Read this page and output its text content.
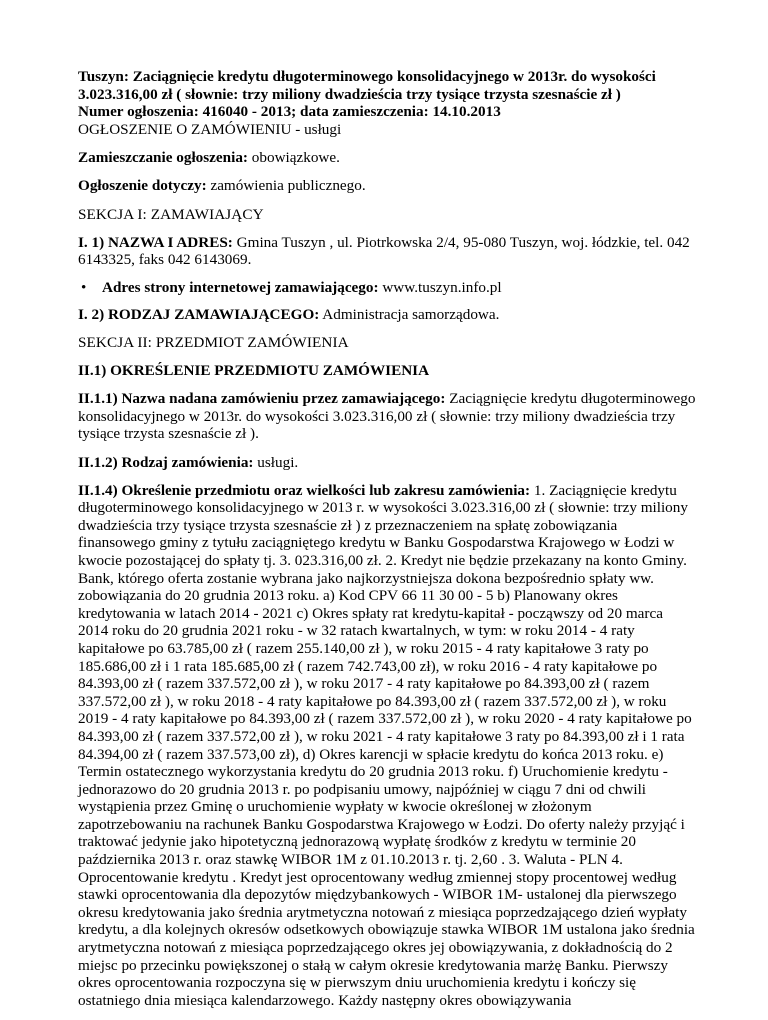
Tuszyn: Zaciągnięcie kredytu długoterminowego konsolidacyjnego w 2013r. do wysokości
3.023.316,00 zł ( słownie: trzy miliony dwadzieścia trzy tysiące trzysta szesnaście zł )
Numer ogłoszenia: 416040 - 2013; data zamieszczenia: 14.10.2013
OGŁOSZENIE O ZAMÓWIENIU - usługi

Zamieszczanie ogłoszenia: obowiązkowe.

Ogłoszenie dotyczy: zamówienia publicznego.

SEKCJA I: ZAMAWIAJĄCY

I. 1) NAZWA I ADRES: Gmina Tuszyn , ul. Piotrkowska 2/4, 95-080 Tuszyn, woj. łódzkie, tel. 042 6143325, faks 042 6143069.

• Adres strony internetowej zamawiającego: www.tuszyn.info.pl

I. 2) RODZAJ ZAMAWIAJĄCEGO: Administracja samorządowa.

SEKCJA II: PRZEDMIOT ZAMÓWIENIA

II.1) OKREŚLENIE PRZEDMIOTU ZAMÓWIENIA

II.1.1) Nazwa nadana zamówieniu przez zamawiającego: Zaciągnięcie kredytu długoterminowego konsolidacyjnego w 2013r. do wysokości 3.023.316,00 zł ( słownie: trzy miliony dwadzieścia trzy tysiące trzysta szesnaście zł ).

II.1.2) Rodzaj zamówienia: usługi.

II.1.4) Określenie przedmiotu oraz wielkości lub zakresu zamówienia: 1. Zaciągnięcie kredytu długoterminowego konsolidacyjnego w 2013 r. w wysokości 3.023.316,00 zł ( słownie: trzy miliony dwadzieścia trzy tysiące trzysta szesnaście zł ) z przeznaczeniem na spłatę zobowiązania finansowego gminy z tytułu zaciągniętego kredytu w Banku Gospodarstwa Krajowego w Łodzi w kwocie pozostającej do spłaty tj. 3. 023.316,00 zł. 2. Kredyt nie będzie przekazany na konto Gminy. Bank, którego oferta zostanie wybrana jako najkorzystniejsza dokona bezpośrednio spłaty ww. zobowiązania do 20 grudnia 2013 roku. a) Kod CPV 66 11 30 00 - 5 b) Planowany okres kredytowania w latach 2014 - 2021 c) Okres spłaty rat kredytu-kapitał - począwszy od 20 marca 2014 roku do 20 grudnia 2021 roku - w 32 ratach kwartalnych, w tym: w roku 2014 - 4 raty kapitałowe po 63.785,00 zł ( razem 255.140,00 zł ), w roku 2015 - 4 raty kapitałowe 3 raty po 185.686,00 zł i 1 rata 185.685,00 zł ( razem 742.743,00 zł), w roku 2016 - 4 raty kapitałowe po 84.393,00 zł ( razem 337.572,00 zł ), w roku 2017 - 4 raty kapitałowe po 84.393,00 zł ( razem 337.572,00 zł ), w roku 2018 - 4 raty kapitałowe po 84.393,00 zł ( razem 337.572,00 zł ), w roku 2019 - 4 raty kapitałowe po 84.393,00 zł ( razem 337.572,00 zł ), w roku 2020 - 4 raty kapitałowe po 84.393,00 zł ( razem 337.572,00 zł ), w roku 2021 - 4 raty kapitałowe 3 raty po 84.393,00 zł i 1 rata 84.394,00 zł ( razem 337.573,00 zł), d) Okres karencji w spłacie kredytu do końca 2013 roku. e) Termin ostatecznego wykorzystania kredytu do 20 grudnia 2013 roku. f) Uruchomienie kredytu - jednorazowo do 20 grudnia 2013 r. po podpisaniu umowy, najpóźniej w ciągu 7 dni od chwili wystąpienia przez Gminę o uruchomienie wypłaty w kwocie określonej w złożonym zapotrzebowaniu na rachunek Banku Gospodarstwa Krajowego w Łodzi. Do oferty należy przyjąć i traktować jedynie jako hipotetyczną jednorazową wypłatę środków z kredytu w terminie 20 października 2013 r. oraz stawkę WIBOR 1M z 01.10.2013 r. tj. 2,60 . 3. Waluta - PLN 4. Oprocentowanie kredytu . Kredyt jest oprocentowany według zmiennej stopy procentowej według stawki oprocentowania dla depozytów międzybankowych - WIBOR 1M- ustalonej dla pierwszego okresu kredytowania jako średnia arytmetyczna notowań z miesiąca poprzedzającego dzień wypłaty kredytu, a dla kolejnych okresów odsetkowych obowiązuje stawka WIBOR 1M ustalona jako średnia arytmetyczna notowań z miesiąca poprzedzającego okres jej obowiązywania, z dokładnością do 2 miejsc po przecinku powiększonej o stałą w całym okresie kredytowania marżę Banku. Pierwszy okres oprocentowania rozpoczyna się w pierwszym dniu uruchomienia kredytu i kończy się ostatniego dnia miesiąca kalendarzowego. Każdy następny okres obowiązywania
